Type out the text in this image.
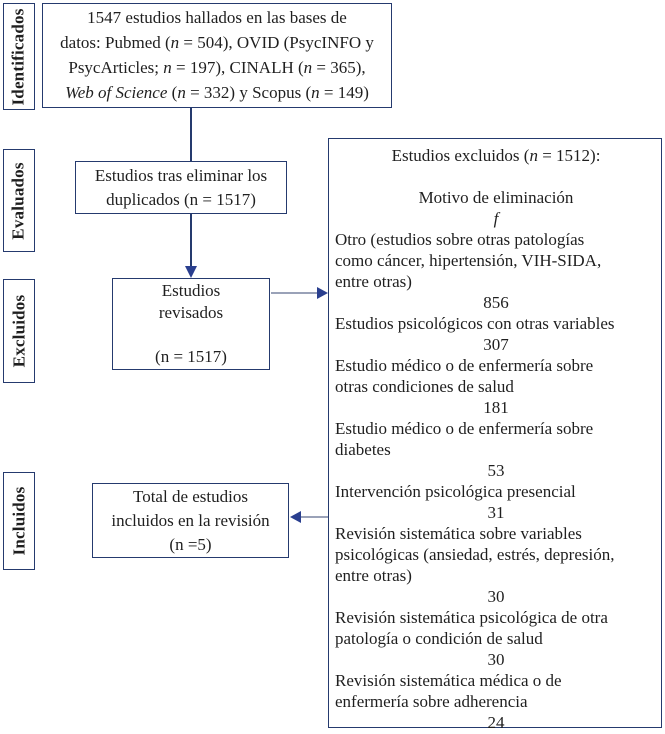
Identificados
Evaluados
Excluidos
Incluidos
1547 estudios hallados en las bases de
datos: Pubmed (n = 504), OVID (PsycINFO y
PsycArticles; n = 197), CINALH (n = 365),
Web of Science (n = 332) y Scopus (n = 149)
Estudios tras eliminar los
duplicados (n = 1517)
Estudios
revisados

(n = 1517)
Estudios excluidos (n = 1512):
Motivo de eliminación
f
Otro (estudios sobre otras patologías
como cáncer, hipertensión, VIH-SIDA,
entre otras)
856
Estudios psicológicos con otras variables
307
Estudio médico o de enfermería sobre
otras condiciones de salud
181
Estudio médico o de enfermería sobre
diabetes
53
Intervención psicológica presencial
31
Revisión sistemática sobre variables
psicológicas (ansiedad, estrés, depresión,
entre otras)
30
Revisión sistemática psicológica de otra
patología o condición de salud
30
Revisión sistemática médica o de
enfermería sobre adherencia
24
Total de estudios
incluidos en la revisión
(n =5)
